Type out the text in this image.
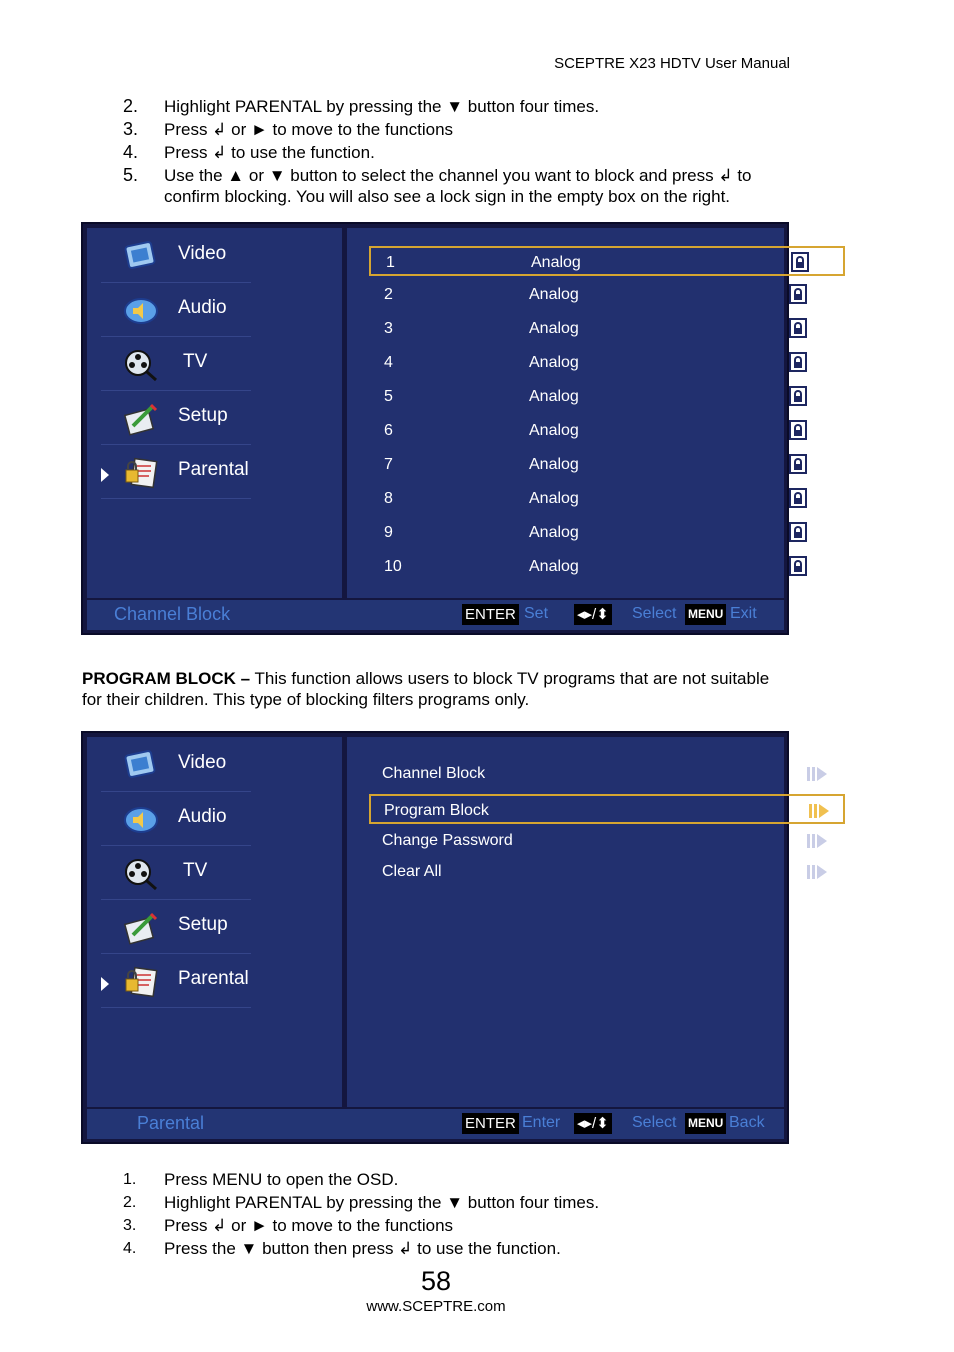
SCEPTRE X23 HDTV User Manual
2. Highlight PARENTAL by pressing the ▼ button four times.
3. Press ↲ or ► to move to the functions
4. Press ↲ to use the function.
5. Use the ▲ or ▼ button to select the channel you want to block and press ↲ to confirm blocking. You will also see a lock sign in the empty box on the right.
Video
Audio
TV
Setup
Parental
1	Analog
2	Analog
3	Analog
4	Analog
5	Analog
6	Analog
7	Analog
8	Analog
9	Analog
10	Analog
Channel Block	ENTER Set ◂▸/⬍ Select MENU Exit
PROGRAM BLOCK – This function allows users to block TV programs that are not suitable for their children. This type of blocking filters programs only.
Video
Audio
TV
Setup
Parental
Channel Block
Program Block
Change Password
Clear All
Parental	ENTER Enter ◂▸/⬍ Select MENU Back
1. Press MENU to open the OSD.
2. Highlight PARENTAL by pressing the ▼ button four times.
3. Press ↲ or ► to move to the functions
4. Press the ▼ button then press ↲ to use the function.
58
www.SCEPTRE.com
